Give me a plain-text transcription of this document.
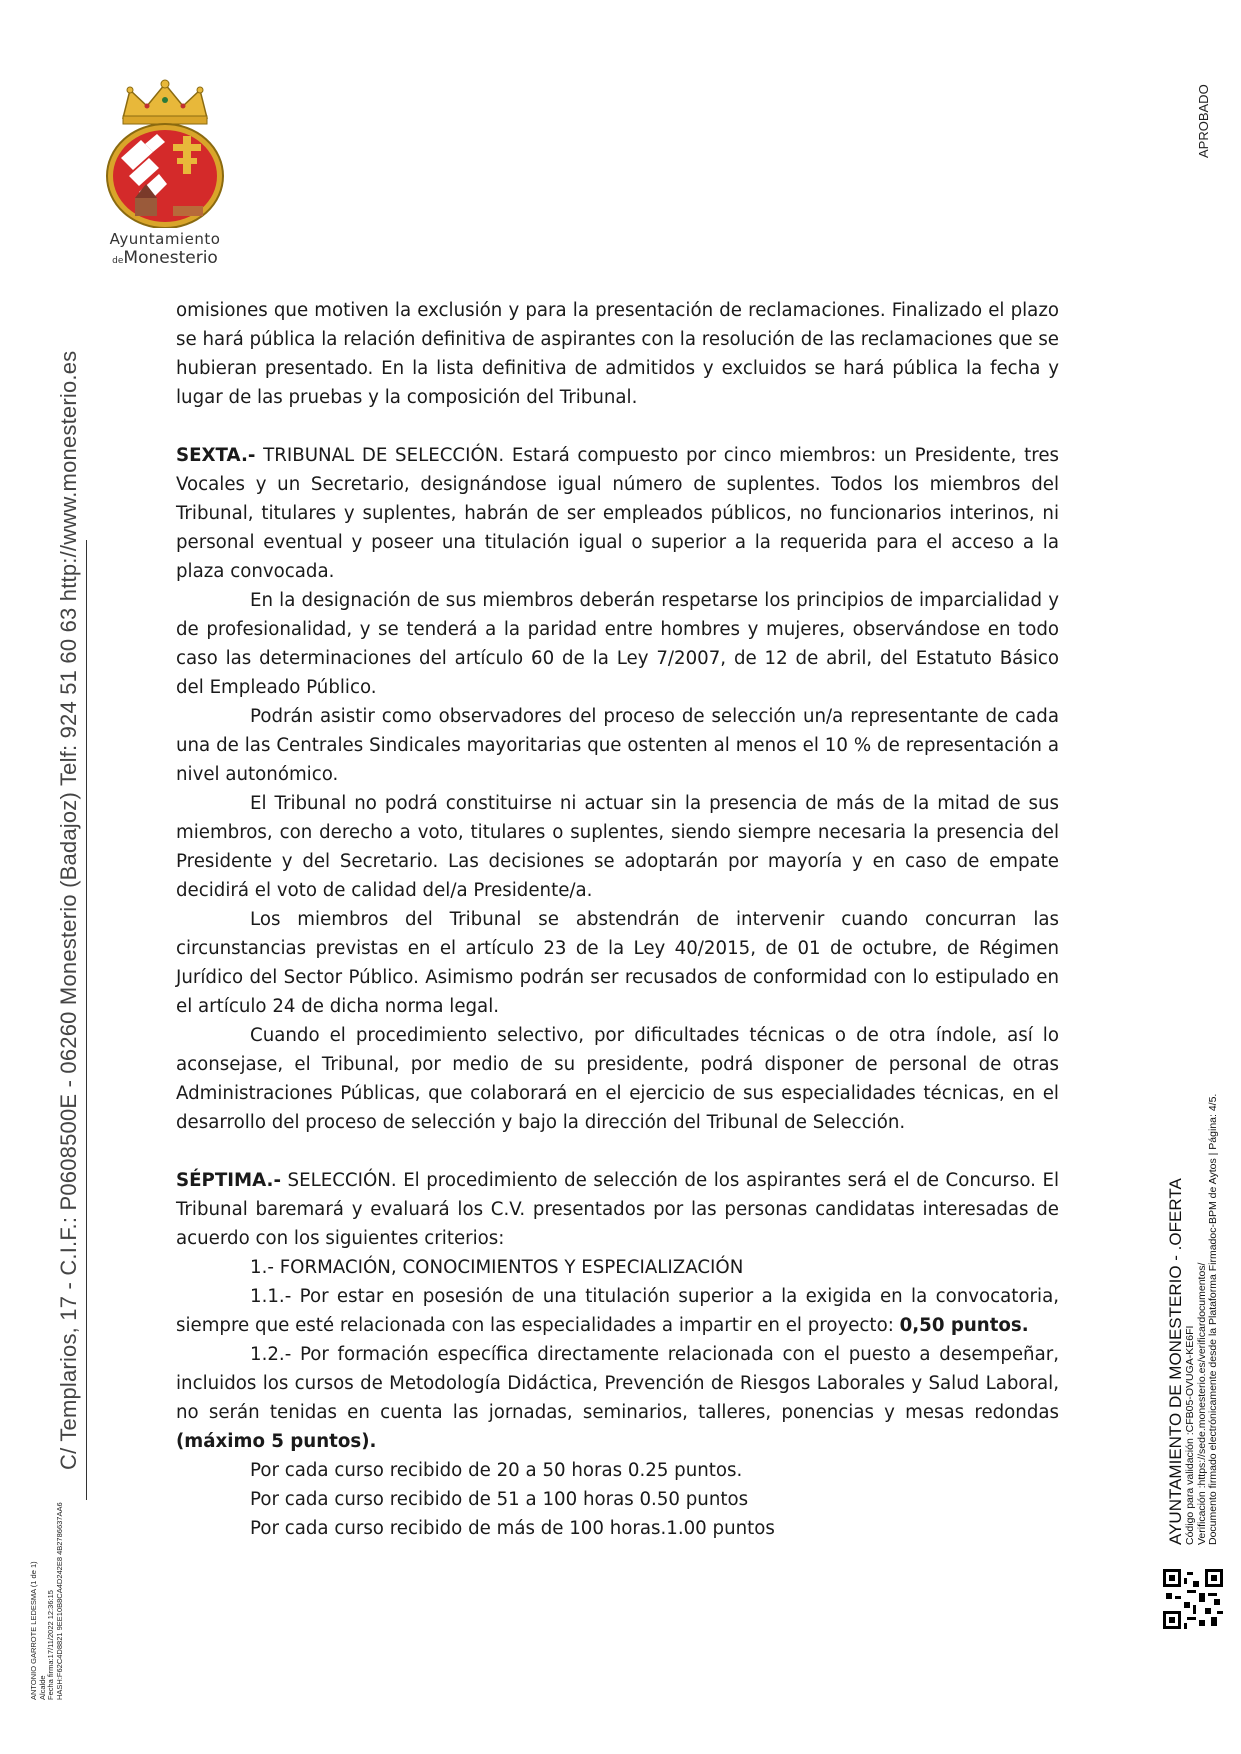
Ayuntamiento
deMonesterio
APROBADO
C/ Templarios, 17 - C.I.F.: P0608500E - 06260 Monesterio (Badajoz) Telf: 924 51 60 63 http://www.monesterio.es
ANTONIO GARROTE LEDESMA (1 de 1) Alcalde Fecha firma:17/11/2022 12:36:15 HASH:F62C4D8821 9EE10B8CA4D242E8 4B2786637AA6
AYUNTAMIENTO DE MONESTERIO - .OFERTA Código para validación :CFB05-OVUGA-KE6FI Verificación :https://sede.monesterio.es/verificardocumentos/ Documento firmado electrónicamente desde la Plataforma Firmadoc-BPM de Aytos | Página: 4/5.

omisiones que motiven la exclusión y para la presentación de reclamaciones. Finalizado el plazo se hará pública la relación definitiva de aspirantes con la resolución de las reclamaciones que se hubieran presentado. En la lista definitiva de admitidos y excluidos se hará pública la fecha y lugar de las pruebas y la composición del Tribunal.

SEXTA.- TRIBUNAL DE SELECCIÓN. Estará compuesto por cinco miembros: un Presidente, tres Vocales y un Secretario, designándose igual número de suplentes. Todos los miembros del Tribunal, titulares y suplentes, habrán de ser empleados públicos, no funcionarios interinos, ni personal eventual y poseer una titulación igual o superior a la requerida para el acceso a la plaza convocada.

En la designación de sus miembros deberán respetarse los principios de imparcialidad y de profesionalidad, y se tenderá a la paridad entre hombres y mujeres, observándose en todo caso las determinaciones del artículo 60 de la Ley 7/2007, de 12 de abril, del Estatuto Básico del Empleado Público.

Podrán asistir como observadores del proceso de selección un/a representante de cada una de las Centrales Sindicales mayoritarias que ostenten al menos el 10 % de representación a nivel autonómico.

El Tribunal no podrá constituirse ni actuar sin la presencia de más de la mitad de sus miembros, con derecho a voto, titulares o suplentes, siendo siempre necesaria la presencia del Presidente y del Secretario. Las decisiones se adoptarán por mayoría y en caso de empate decidirá el voto de calidad del/a Presidente/a.

Los miembros del Tribunal se abstendrán de intervenir cuando concurran las circunstancias previstas en el artículo 23 de la Ley 40/2015, de 01 de octubre, de Régimen Jurídico del Sector Público. Asimismo podrán ser recusados de conformidad con lo estipulado en el artículo 24 de dicha norma legal.

Cuando el procedimiento selectivo, por dificultades técnicas o de otra índole, así lo aconsejase, el Tribunal, por medio de su presidente, podrá disponer de personal de otras Administraciones Públicas, que colaborará en el ejercicio de sus especialidades técnicas, en el desarrollo del proceso de selección y bajo la dirección del Tribunal de Selección.

SÉPTIMA.- SELECCIÓN. El procedimiento de selección de los aspirantes será el de Concurso. El Tribunal baremará y evaluará los C.V. presentados por las personas candidatas interesadas de acuerdo con los siguientes criterios:

1.- FORMACIÓN, CONOCIMIENTOS Y ESPECIALIZACIÓN

1.1.- Por estar en posesión de una titulación superior a la exigida en la convocatoria, siempre que esté relacionada con las especialidades a impartir en el proyecto: 0,50 puntos.

1.2.- Por formación específica directamente relacionada con el puesto a desempeñar, incluidos los cursos de Metodología Didáctica, Prevención de Riesgos Laborales y Salud Laboral, no serán tenidas en cuenta las jornadas, seminarios, talleres, ponencias y mesas redondas (máximo 5 puntos).

Por cada curso recibido de 20 a 50 horas 0.25 puntos.

Por cada curso recibido de 51 a 100 horas 0.50 puntos

Por cada curso recibido de más de 100 horas.1.00 puntos
